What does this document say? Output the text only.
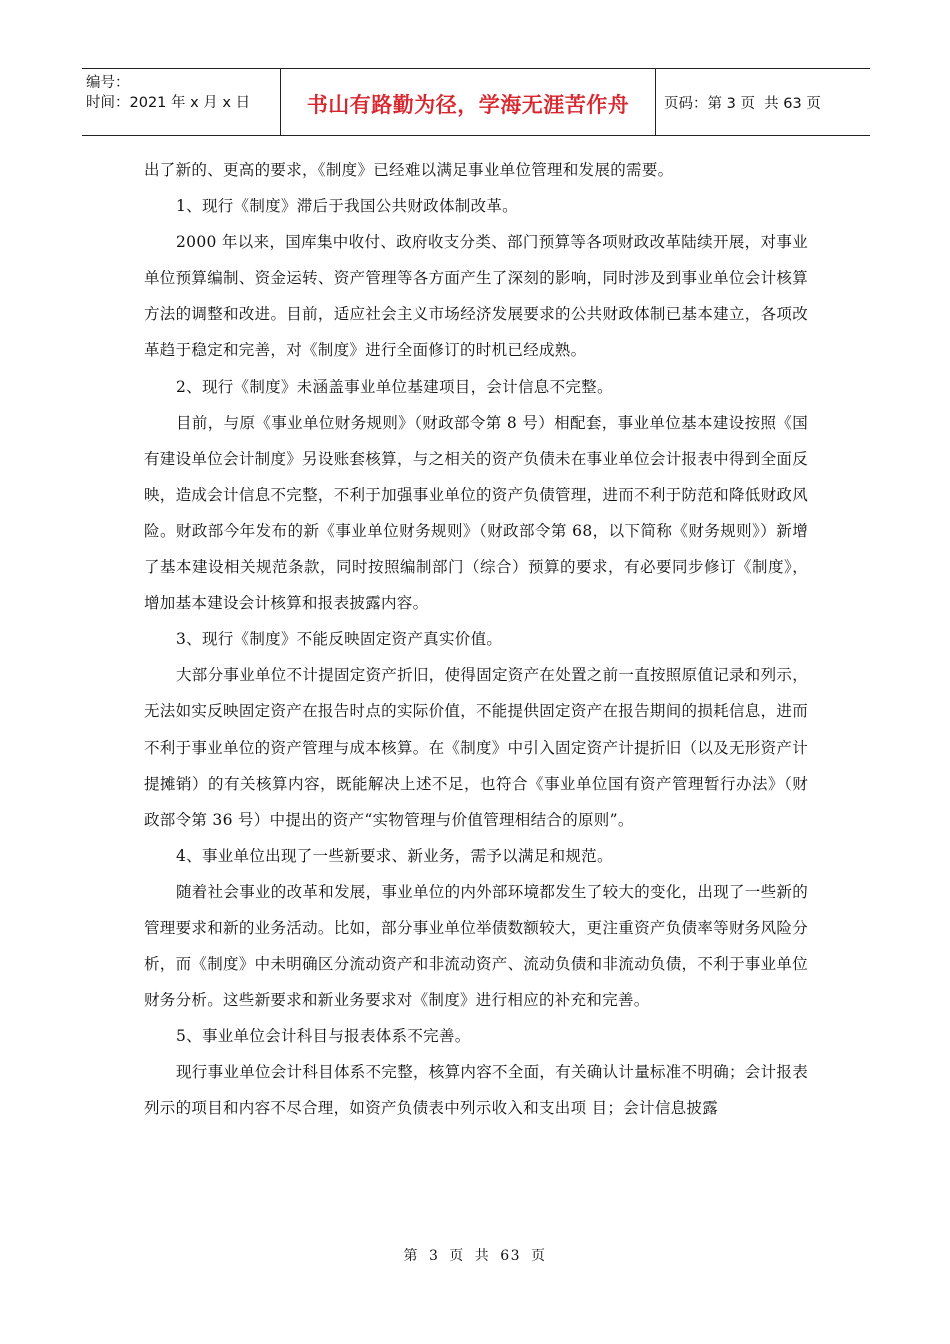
编号：
时间：2021 年 x 月 x 日	书山有路勤为径，学海无涯苦作舟 页码：第 3 页  共 63 页

出了新的、更高的要求，《制度》已经难以满足事业单位管理和发展的需要。

1、现行《制度》滞后于我国公共财政体制改革。

2000 年以来，国库集中收付、政府收支分类、部门预算等各项财政改革陆续开展，对事业单位预算编制、资金运转、资产管理等各方面产生了深刻的影响，同时涉及到事业单位会计核算方法的调整和改进。目前，适应社会主义市场经济发展要求的公共财政体制已基本建立，各项改革趋于稳定和完善，对《制度》进行全面修订的时机已经成熟。

2、现行《制度》未涵盖事业单位基建项目，会计信息不完整。

目前，与原《事业单位财务规则》（财政部令第 8 号）相配套，事业单位基本建设按照《国有建设单位会计制度》另设账套核算，与之相关的资产负债未在事业单位会计报表中得到全面反映，造成会计信息不完整，不利于加强事业单位的资产负债管理，进而不利于防范和降低财政风险。财政部今年发布的新《事业单位财务规则》（财政部令第 68，以下简称《财务规则》）新增了基本建设相关规范条款，同时按照编制部门（综合）预算的要求，有必要同步修订《制度》，增加基本建设会计核算和报表披露内容。

3、现行《制度》不能反映固定资产真实价值。

大部分事业单位不计提固定资产折旧，使得固定资产在处置之前一直按照原值记录和列示，无法如实反映固定资产在报告时点的实际价值，不能提供固定资产在报告期间的损耗信息，进而不利于事业单位的资产管理与成本核算。在《制度》中引入固定资产计提折旧（以及无形资产计提摊销）的有关核算内容，既能解决上述不足，也符合《事业单位国有资产管理暂行办法》（财政部令第 36 号）中提出的资产“实物管理与价值管理相结合的原则”。

4、事业单位出现了一些新要求、新业务，需予以满足和规范。

随着社会事业的改革和发展，事业单位的内外部环境都发生了较大的变化，出现了一些新的管理要求和新的业务活动。比如，部分事业单位举债数额较大，更注重资产负债率等财务风险分析，而《制度》中未明确区分流动资产和非流动资产、流动负债和非流动负债，不利于事业单位财务分析。这些新要求和新业务要求对《制度》进行相应的补充和完善。

5、事业单位会计科目与报表体系不完善。

现行事业单位会计科目体系不完整，核算内容不全面，有关确认计量标准不明确；会计报表列示的项目和内容不尽合理，如资产负债表中列示收入和支出项 目；会计信息披露

第 3 页 共 63 页
